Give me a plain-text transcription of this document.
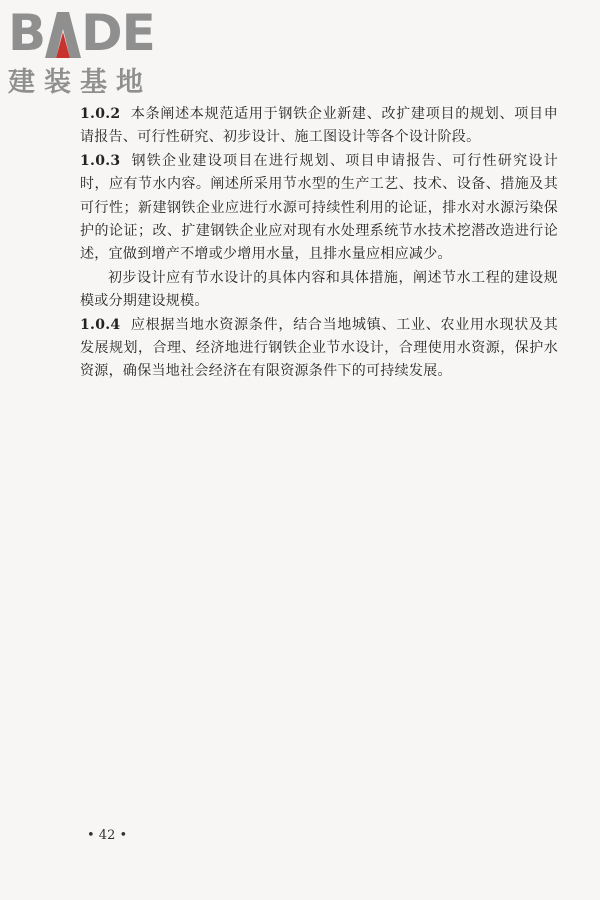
B D E
建装基地

1.0.2 本条阐述本规范适用于钢铁企业新建、改扩建项目的规划、项目申请报告、可行性研究、初步设计、施工图设计等各个设计阶段。

1.0.3 钢铁企业建设项目在进行规划、项目申请报告、可行性研究设计时，应有节水内容。阐述所采用节水型的生产工艺、技术、设备、措施及其可行性；新建钢铁企业应进行水源可持续性利用的论证，排水对水源污染保护的论证；改、扩建钢铁企业应对现有水处理系统节水技术挖潜改造进行论述，宜做到增产不增或少增用水量，且排水量应相应减少。

初步设计应有节水设计的具体内容和具体措施，阐述节水工程的建设规模或分期建设规模。

1.0.4 应根据当地水资源条件，结合当地城镇、工业、农业用水现状及其发展规划，合理、经济地进行钢铁企业节水设计，合理使用水资源，保护水资源，确保当地社会经济在有限资源条件下的可持续发展。

• 42 •
